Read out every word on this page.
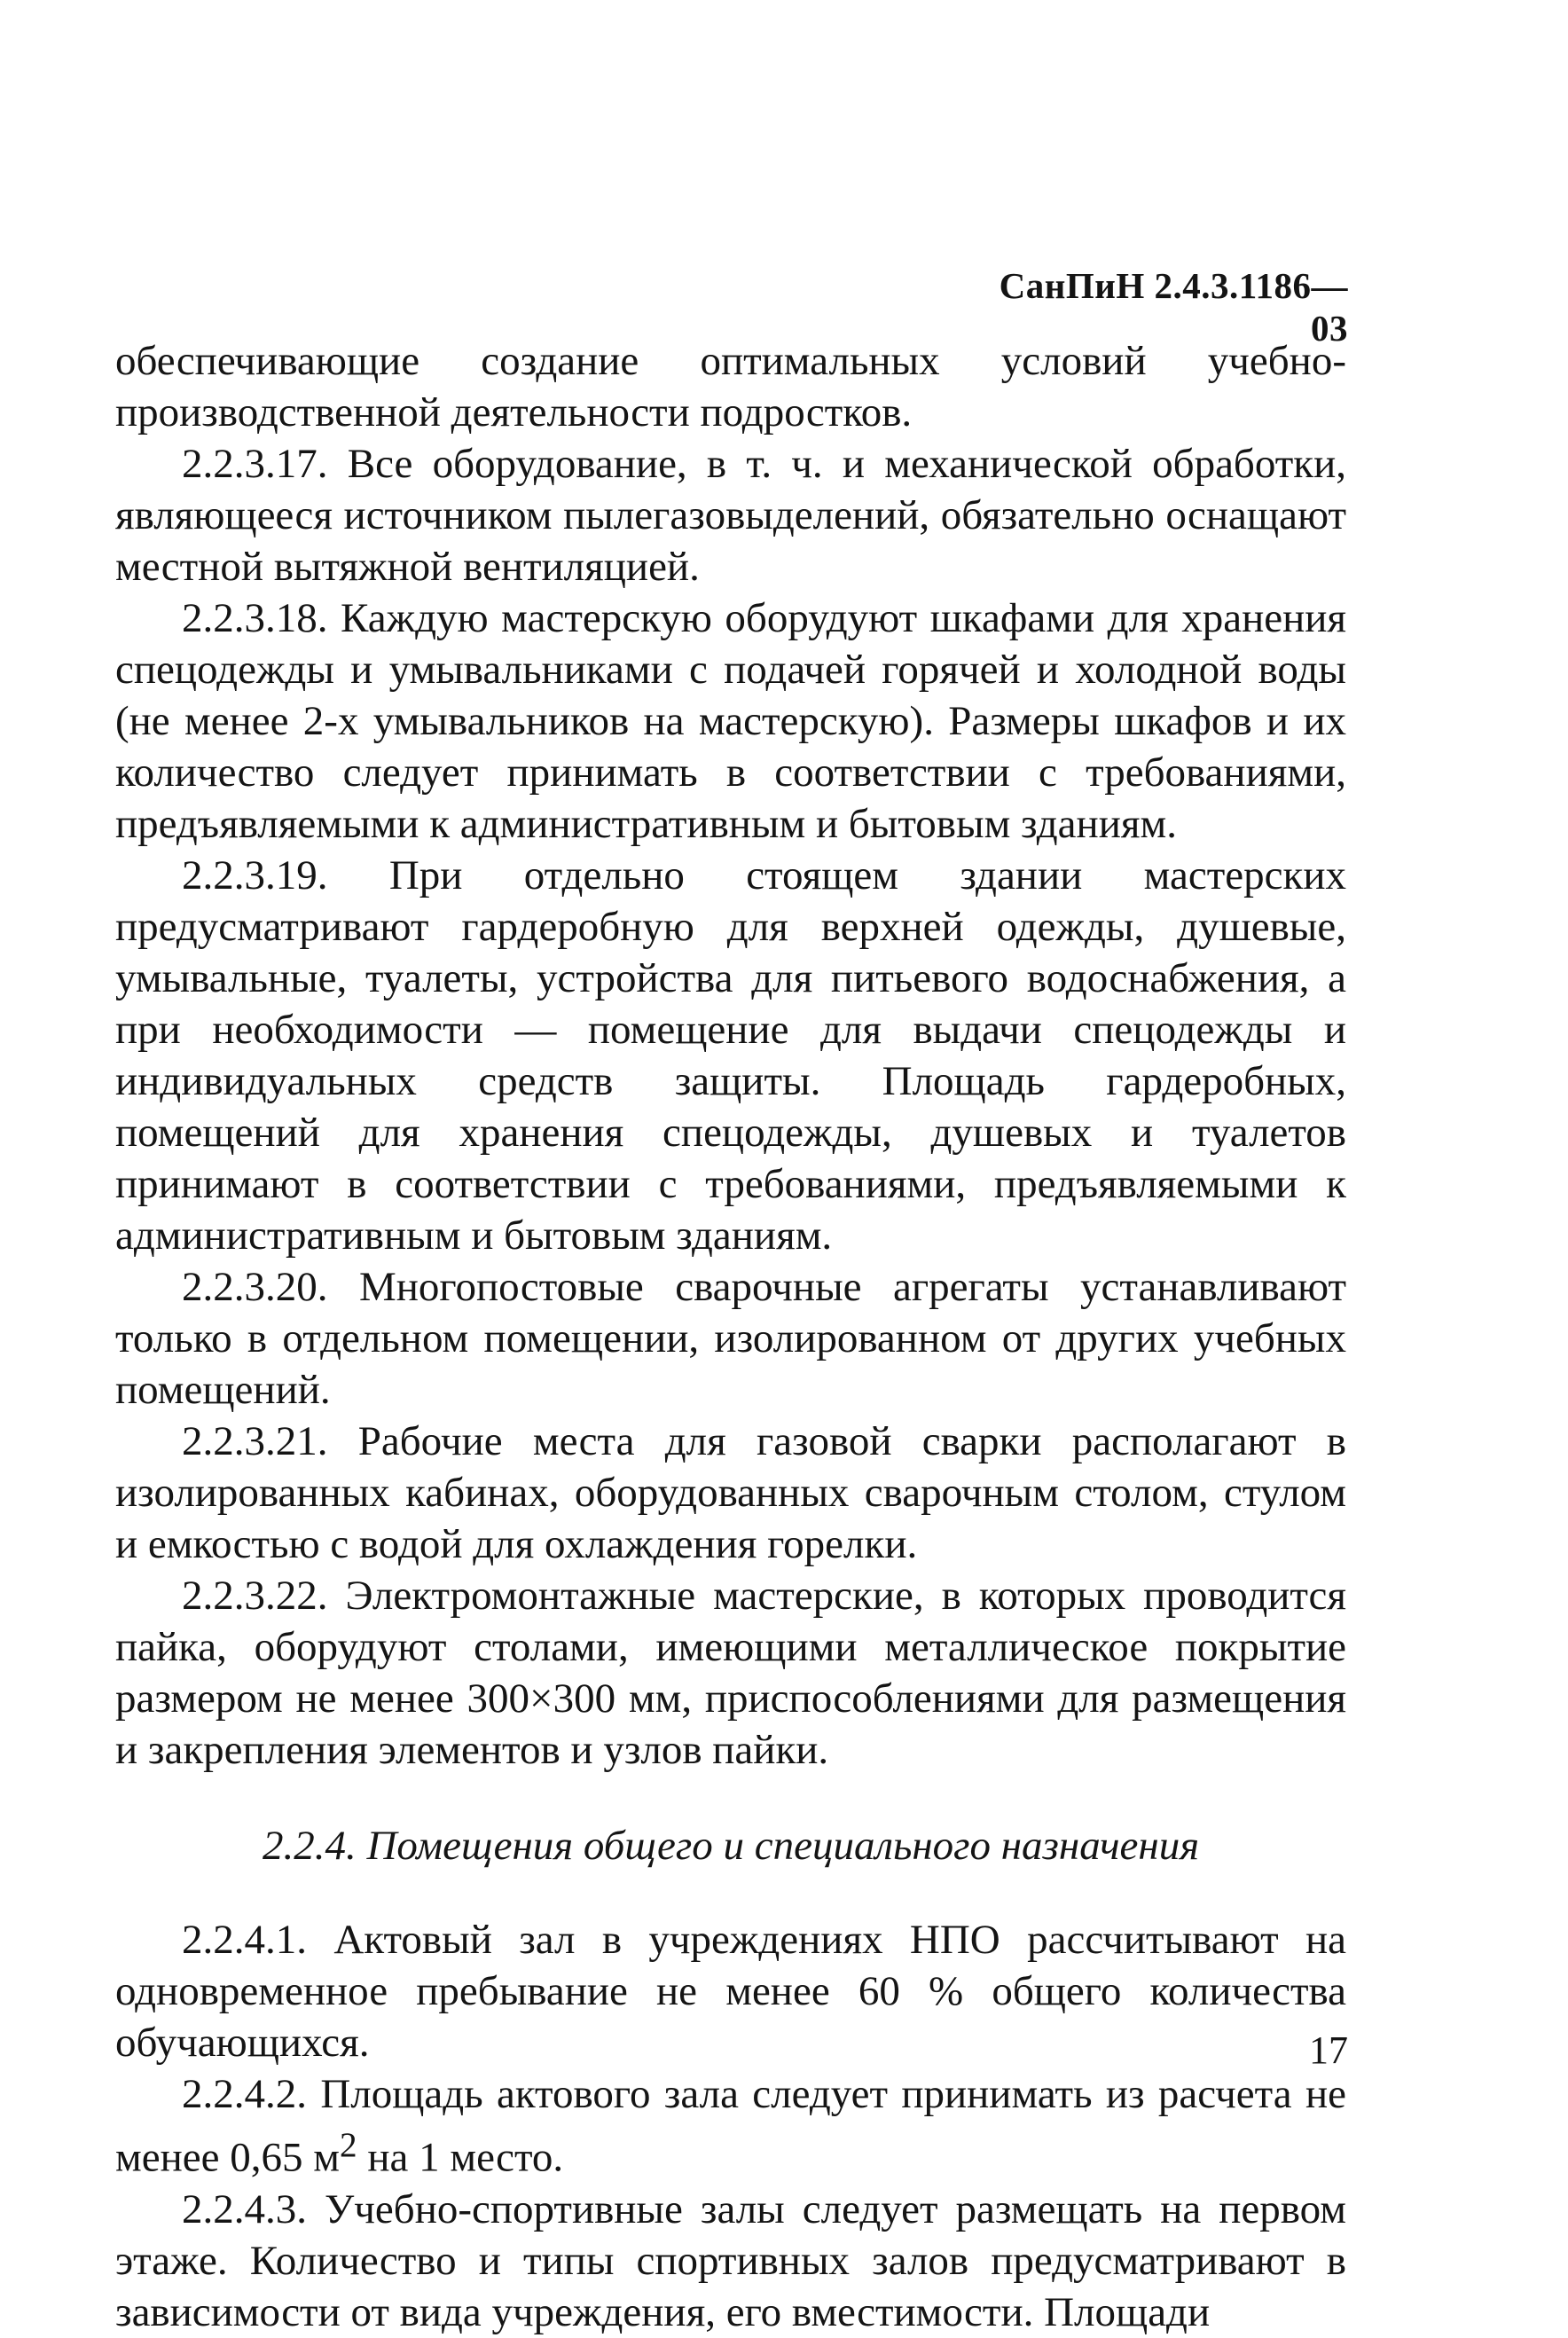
СанПиН 2.4.3.1186—03

обеспечивающие создание оптимальных условий учебно-производственной деятельности подростков.

2.2.3.17. Все оборудование, в т. ч. и механической обработки, являющееся источником пылегазовыделений, обязательно оснащают местной вытяжной вентиляцией.

2.2.3.18. Каждую мастерскую оборудуют шкафами для хранения спецодежды и умывальниками с подачей горячей и холодной воды (не менее 2-х умывальников на мастерскую). Размеры шкафов и их количество следует принимать в соответствии с требованиями, предъявляемыми к административным и бытовым зданиям.

2.2.3.19. При отдельно стоящем здании мастерских предусматривают гардеробную для верхней одежды, душевые, умывальные, туалеты, устройства для питьевого водоснабжения, а при необходимости — помещение для выдачи спецодежды и индивидуальных средств защиты. Площадь гардеробных, помещений для хранения спецодежды, душевых и туалетов принимают в соответствии с требованиями, предъявляемыми к административным и бытовым зданиям.

2.2.3.20. Многопостовые сварочные агрегаты устанавливают только в отдельном помещении, изолированном от других учебных помещений.

2.2.3.21. Рабочие места для газовой сварки располагают в изолированных кабинах, оборудованных сварочным столом, стулом и емкостью с водой для охлаждения горелки.

2.2.3.22. Электромонтажные мастерские, в которых проводится пайка, оборудуют столами, имеющими металлическое покрытие размером не менее 300×300 мм, приспособлениями для размещения и закрепления элементов и узлов пайки.

2.2.4. Помещения общего и специального назначения

2.2.4.1. Актовый зал в учреждениях НПО рассчитывают на одновременное пребывание не менее 60 % общего количества обучающихся.

2.2.4.2. Площадь актового зала следует принимать из расчета не менее 0,65 $м^2$ на 1 место.

2.2.4.3. Учебно-спортивные залы следует размещать на первом этаже. Количество и типы спортивных залов предусматривают в зависимости от вида учреждения, его вместимости. Площади

17
